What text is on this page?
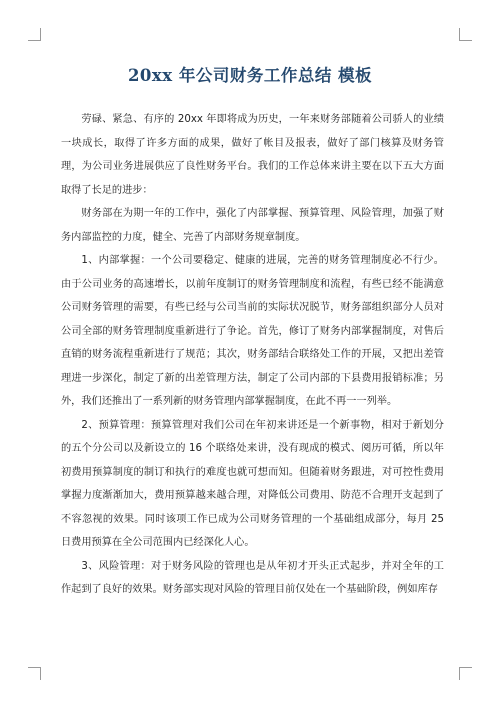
20xx 年公司财务工作总结 模板

劳碌、紧急、有序的 20xx 年即将成为历史，一年来财务部随着公司骄人的业绩一块成长，取得了许多方面的成果，做好了帐目及报表，做好了部门核算及财务管理，为公司业务进展供应了良性财务平台。我们的工作总体来讲主要在以下五大方面取得了长足的进步：

财务部在为期一年的工作中，强化了内部掌握、预算管理、风险管理，加强了财务内部监控的力度，健全、完善了内部财务规章制度。

1、内部掌握：一个公司要稳定、健康的进展，完善的财务管理制度必不行少。由于公司业务的高速增长，以前年度制订的财务管理制度和流程，有些已经不能满意公司财务管理的需要，有些已经与公司当前的实际状况脱节，财务部组织部分人员对公司全部的财务管理制度重新进行了争论。首先，修订了财务内部掌握制度，对售后直销的财务流程重新进行了规范；其次，财务部结合联络处工作的开展，又把出差管理进一步深化，制定了新的出差管理方法，制定了公司内部的下县费用报销标准；另外，我们还推出了一系列新的财务管理内部掌握制度，在此不再一一列举。

2、预算管理：预算管理对我们公司在年初来讲还是一个新事物，相对于新划分的五个分公司以及新设立的 16 个联络处来讲，没有现成的模式、阅历可循，所以年初费用预算制度的制订和执行的难度也就可想而知。但随着财务跟进，对可控性费用掌握力度渐渐加大，费用预算越来越合理，对降低公司费用、防范不合理开支起到了不容忽视的效果。同时该项工作已成为公司财务管理的一个基础组成部分，每月 25 日费用预算在全公司范围内已经深化人心。

3、风险管理：对于财务风险的管理也是从年初才开头正式起步，并对全年的工作起到了良好的效果。财务部实现对风险的管理目前仅处在一个基础阶段，例如库存
